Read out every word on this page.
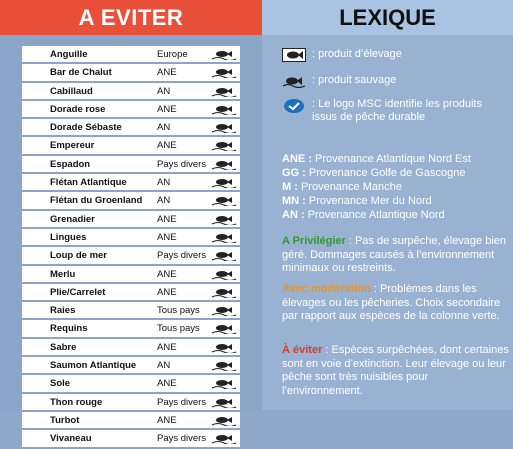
A EVITER
Anguille	Europe
Bar de Chalut	ANE
Cabillaud	AN
Dorade rose	ANE
Dorade Sébaste	AN
Empereur	ANE
Espadon	Pays divers
Flétan Atlantique	AN
Flétan du Groenland AN
Grenadier	ANE
Lingues	ANE
Loup de mer	Pays divers
Merlu	ANE
Plie/Carrelet	ANE
Raies	Tous pays
Requins	Tous pays
Sabre	ANE
Saumon Atlantique AN
Sole	ANE
Thon rouge	Pays divers
Turbot	ANE
Vivaneau	Pays divers
LEXIQUE
: produit d’élevage
: produit sauvage
: Le logo MSC identifie les produits issus de pêche durable
ANE : Provenance Atlantique Nord Est
GG : Provenance Golfe de Gascogne
M : Provenance Manche
MN : Provenance Mer du Nord
AN : Provenance Atlantique Nord
A Privilégier : Pas de surpêche, élevage bien géré. Dommages causés à l’environnement minimaux ou restreints.
Avec modération : Problèmes dans les élevages ou les pêcheries. Choix secondaire par rapport aux espèces de la colonne verte.
À éviter : Espèces surpêchées, dont certaines sont en voie d’extinction. Leur élevage ou leur pêche sont très nuisibles pour l’environnement.
